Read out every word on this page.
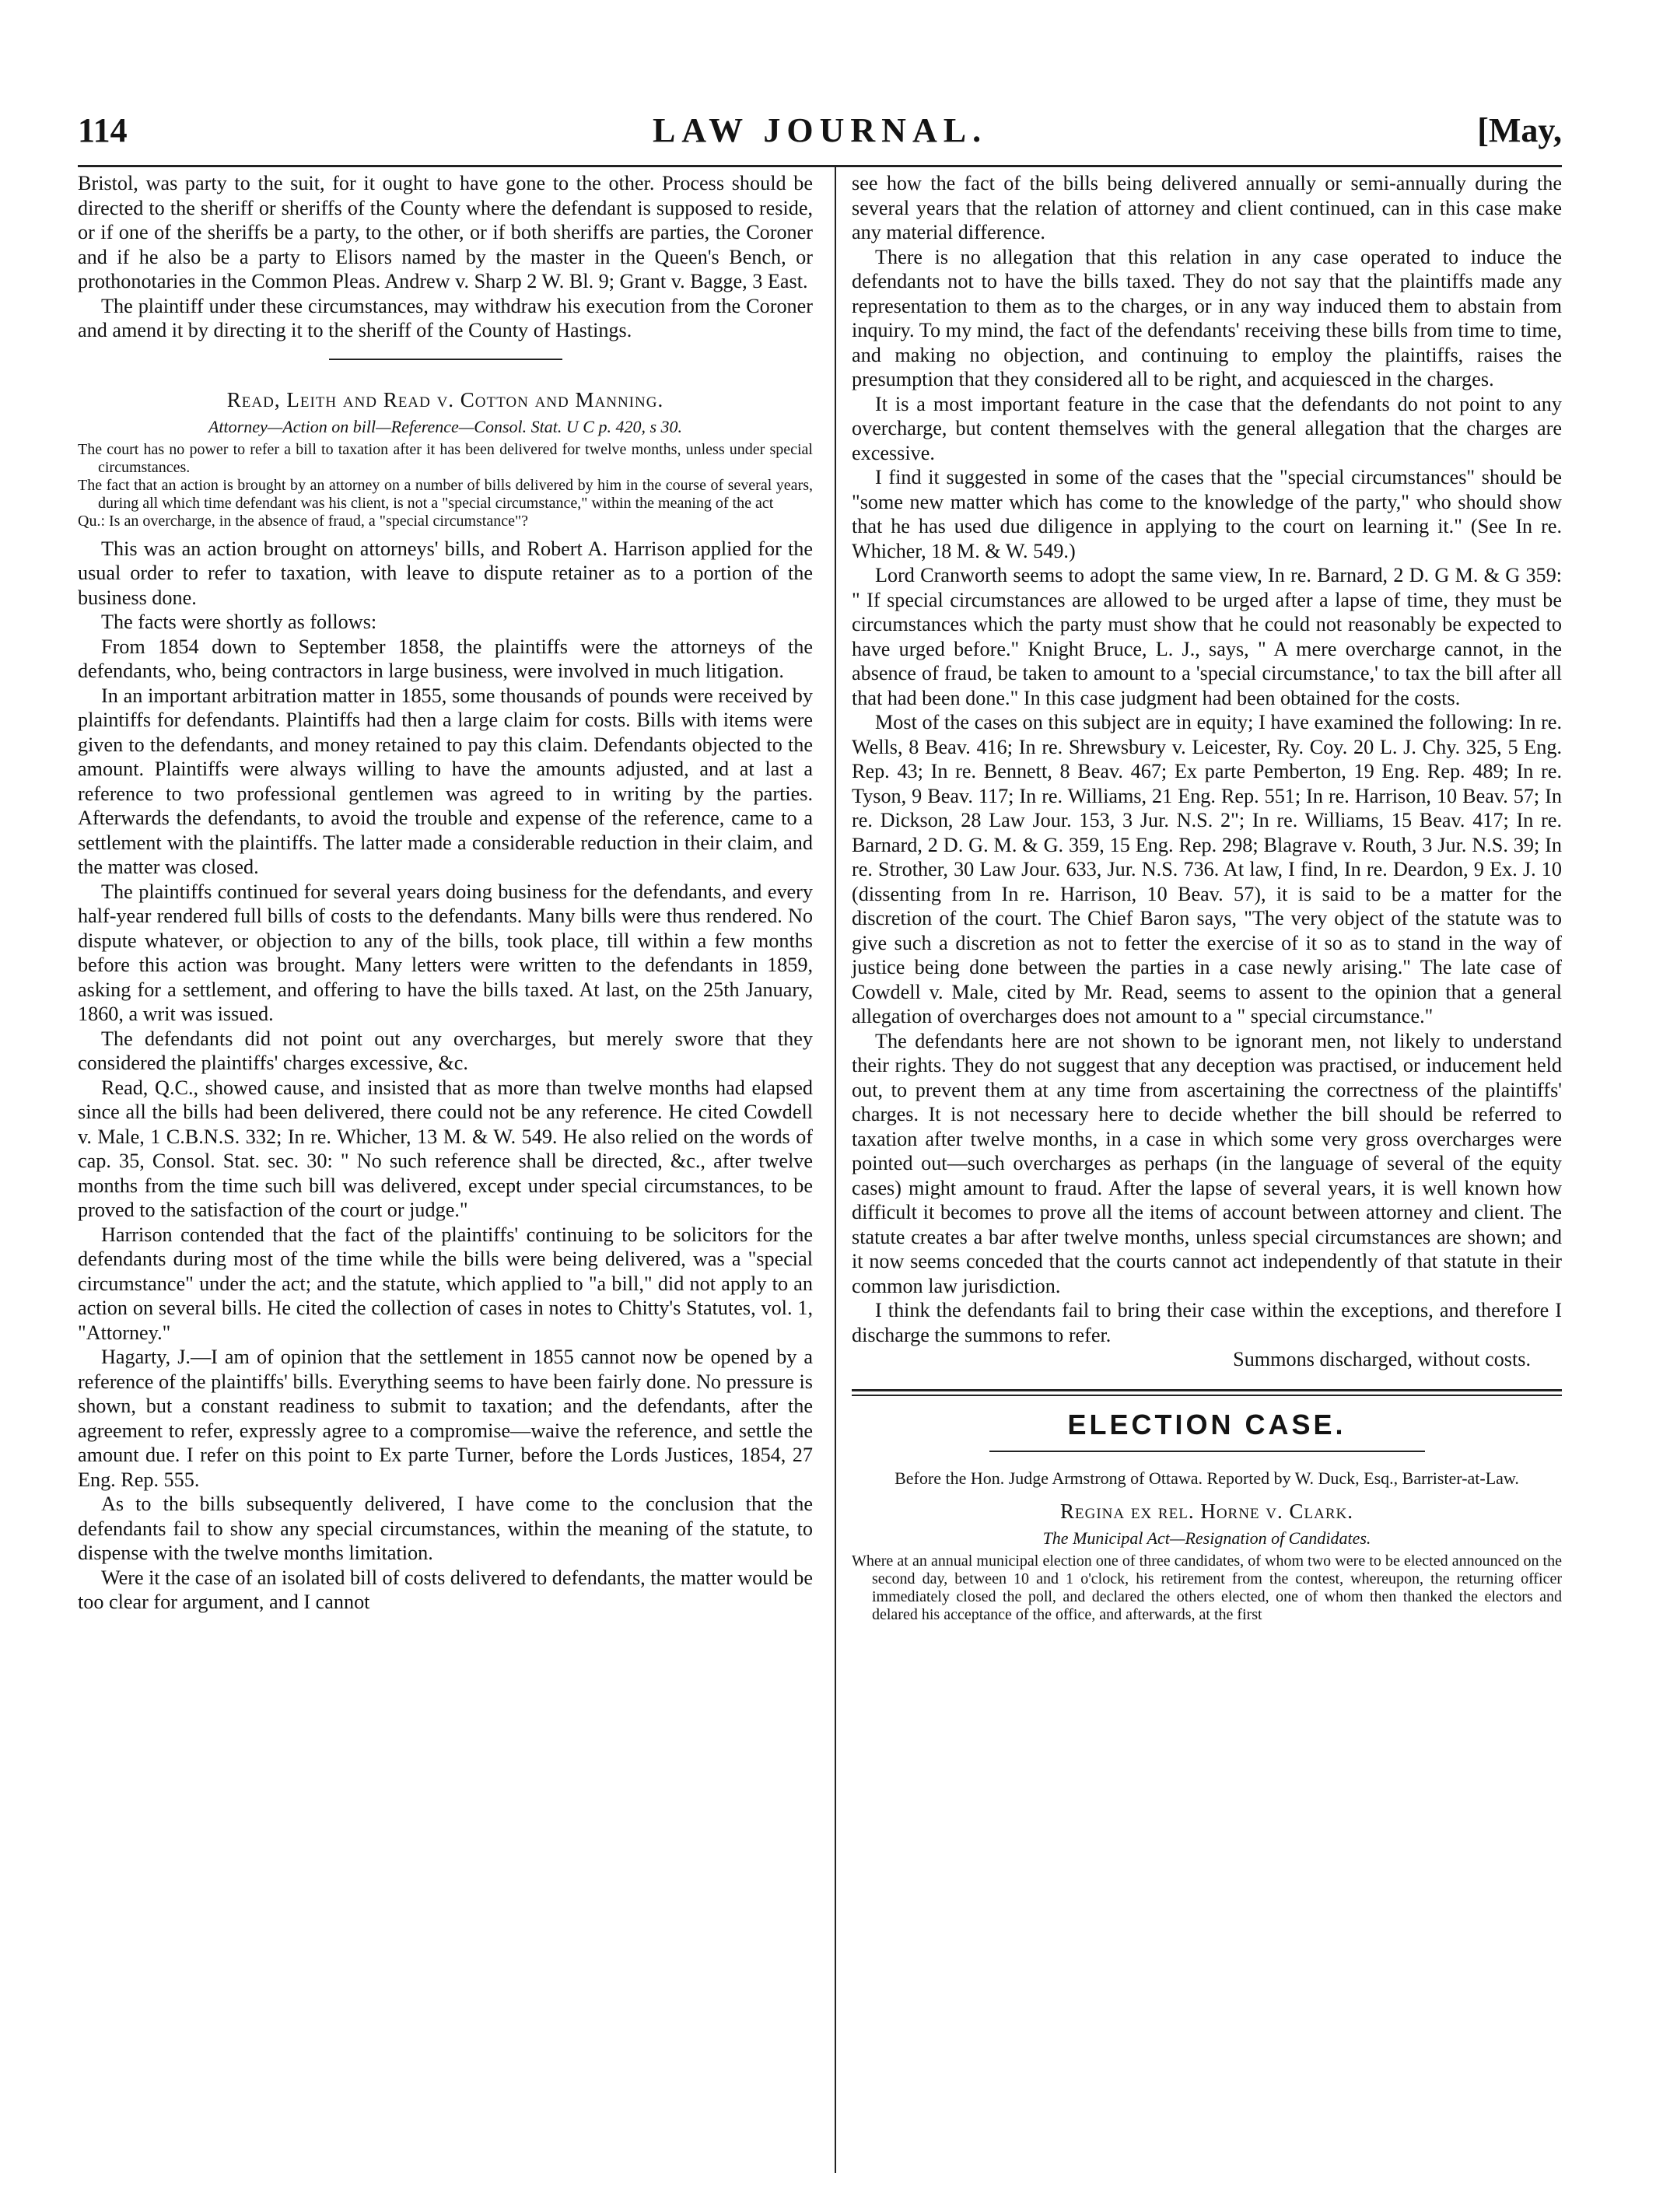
114	LAW JOURNAL.	[May,

Bristol, was party to the suit, for it ought to have gone to the other. Process should be directed to the sheriff or sheriffs of the County where the defendant is supposed to reside, or if one of the sheriffs be a party, to the other, or if both sheriffs are parties, the Coroner and if he also be a party to Elisors named by the master in the Queen's Bench, or prothonotaries in the Common Pleas. Andrew v. Sharp 2 W. Bl. 9; Grant v. Bagge, 3 East.

The plaintiff under these circumstances, may withdraw his execution from the Coroner and amend it by directing it to the sheriff of the County of Hastings.

Read, Leith and Read v. Cotton and Manning.

Attorney—Action on bill—Reference—Consol. Stat. U C p. 420, s 30.

The court has no power to refer a bill to taxation after it has been delivered for twelve months, unless under special circumstances.

The fact that an action is brought by an attorney on a number of bills delivered by him in the course of several years, during all which time defendant was his client, is not a "special circumstance," within the meaning of the act

Qu.: Is an overcharge, in the absence of fraud, a "special circumstance"?

This was an action brought on attorneys' bills, and Robert A. Harrison applied for the usual order to refer to taxation, with leave to dispute retainer as to a portion of the business done.

The facts were shortly as follows:

From 1854 down to September 1858, the plaintiffs were the attorneys of the defendants, who, being contractors in large business, were involved in much litigation.

In an important arbitration matter in 1855, some thousands of pounds were received by plaintiffs for defendants. Plaintiffs had then a large claim for costs. Bills with items were given to the defendants, and money retained to pay this claim. Defendants objected to the amount. Plaintiffs were always willing to have the amounts adjusted, and at last a reference to two professional gentlemen was agreed to in writing by the parties. Afterwards the defendants, to avoid the trouble and expense of the reference, came to a settlement with the plaintiffs. The latter made a considerable reduction in their claim, and the matter was closed.

The plaintiffs continued for several years doing business for the defendants, and every half-year rendered full bills of costs to the defendants. Many bills were thus rendered. No dispute whatever, or objection to any of the bills, took place, till within a few months before this action was brought. Many letters were written to the defendants in 1859, asking for a settlement, and offering to have the bills taxed. At last, on the 25th January, 1860, a writ was issued.

The defendants did not point out any overcharges, but merely swore that they considered the plaintiffs' charges excessive, &c.

Read, Q.C., showed cause, and insisted that as more than twelve months had elapsed since all the bills had been delivered, there could not be any reference. He cited Cowdell v. Male, 1 C.B.N.S. 332; In re. Whicher, 13 M. & W. 549. He also relied on the words of cap. 35, Consol. Stat. sec. 30: " No such reference shall be directed, &c., after twelve months from the time such bill was delivered, except under special circumstances, to be proved to the satisfaction of the court or judge."

Harrison contended that the fact of the plaintiffs' continuing to be solicitors for the defendants during most of the time while the bills were being delivered, was a "special circumstance" under the act; and the statute, which applied to "a bill," did not apply to an action on several bills. He cited the collection of cases in notes to Chitty's Statutes, vol. 1, "Attorney."

Hagarty, J.—I am of opinion that the settlement in 1855 cannot now be opened by a reference of the plaintiffs' bills. Everything seems to have been fairly done. No pressure is shown, but a constant readiness to submit to taxation; and the defendants, after the agreement to refer, expressly agree to a compromise—waive the reference, and settle the amount due. I refer on this point to Ex parte Turner, before the Lords Justices, 1854, 27 Eng. Rep. 555.

As to the bills subsequently delivered, I have come to the conclusion that the defendants fail to show any special circumstances, within the meaning of the statute, to dispense with the twelve months limitation.

Were it the case of an isolated bill of costs delivered to defendants, the matter would be too clear for argument, and I cannot

see how the fact of the bills being delivered annually or semi-annually during the several years that the relation of attorney and client continued, can in this case make any material difference.

There is no allegation that this relation in any case operated to induce the defendants not to have the bills taxed. They do not say that the plaintiffs made any representation to them as to the charges, or in any way induced them to abstain from inquiry. To my mind, the fact of the defendants' receiving these bills from time to time, and making no objection, and continuing to employ the plaintiffs, raises the presumption that they considered all to be right, and acquiesced in the charges.

It is a most important feature in the case that the defendants do not point to any overcharge, but content themselves with the general allegation that the charges are excessive.

I find it suggested in some of the cases that the "special circumstances" should be "some new matter which has come to the knowledge of the party," who should show that he has used due diligence in applying to the court on learning it." (See In re. Whicher, 18 M. & W. 549.)

Lord Cranworth seems to adopt the same view, In re. Barnard, 2 D. G M. & G 359: " If special circumstances are allowed to be urged after a lapse of time, they must be circumstances which the party must show that he could not reasonably be expected to have urged before." Knight Bruce, L. J., says, " A mere overcharge cannot, in the absence of fraud, be taken to amount to a 'special circumstance,' to tax the bill after all that had been done." In this case judgment had been obtained for the costs.

Most of the cases on this subject are in equity; I have examined the following: In re. Wells, 8 Beav. 416; In re. Shrewsbury v. Leicester, Ry. Coy. 20 L. J. Chy. 325, 5 Eng. Rep. 43; In re. Bennett, 8 Beav. 467; Ex parte Pemberton, 19 Eng. Rep. 489; In re. Tyson, 9 Beav. 117; In re. Williams, 21 Eng. Rep. 551; In re. Harrison, 10 Beav. 57; In re. Dickson, 28 Law Jour. 153, 3 Jur. N.S. 2"; In re. Williams, 15 Beav. 417; In re. Barnard, 2 D. G. M. & G. 359, 15 Eng. Rep. 298; Blagrave v. Routh, 3 Jur. N.S. 39; In re. Strother, 30 Law Jour. 633, Jur. N.S. 736. At law, I find, In re. Deardon, 9 Ex. J. 10 (dissenting from In re. Harrison, 10 Beav. 57), it is said to be a matter for the discretion of the court. The Chief Baron says, "The very object of the statute was to give such a discretion as not to fetter the exercise of it so as to stand in the way of justice being done between the parties in a case newly arising." The late case of Cowdell v. Male, cited by Mr. Read, seems to assent to the opinion that a general allegation of overcharges does not amount to a " special circumstance."

The defendants here are not shown to be ignorant men, not likely to understand their rights. They do not suggest that any deception was practised, or inducement held out, to prevent them at any time from ascertaining the correctness of the plaintiffs' charges. It is not necessary here to decide whether the bill should be referred to taxation after twelve months, in a case in which some very gross overcharges were pointed out—such overcharges as perhaps (in the language of several of the equity cases) might amount to fraud. After the lapse of several years, it is well known how difficult it becomes to prove all the items of account between attorney and client. The statute creates a bar after twelve months, unless special circumstances are shown; and it now seems conceded that the courts cannot act independently of that statute in their common law jurisdiction.

I think the defendants fail to bring their case within the exceptions, and therefore I discharge the summons to refer.

Summons discharged, without costs.

ELECTION CASE.

Before the Hon. Judge Armstrong of Ottawa. Reported by W. Duck, Esq., Barrister-at-Law.

Regina ex rel. Horne v. Clark.

The Municipal Act—Resignation of Candidates.

Where at an annual municipal election one of three candidates, of whom two were to be elected announced on the second day, between 10 and 1 o'clock, his retirement from the contest, whereupon, the returning officer immediately closed the poll, and declared the others elected, one of whom then thanked the electors and delared his acceptance of the office, and afterwards, at the first
